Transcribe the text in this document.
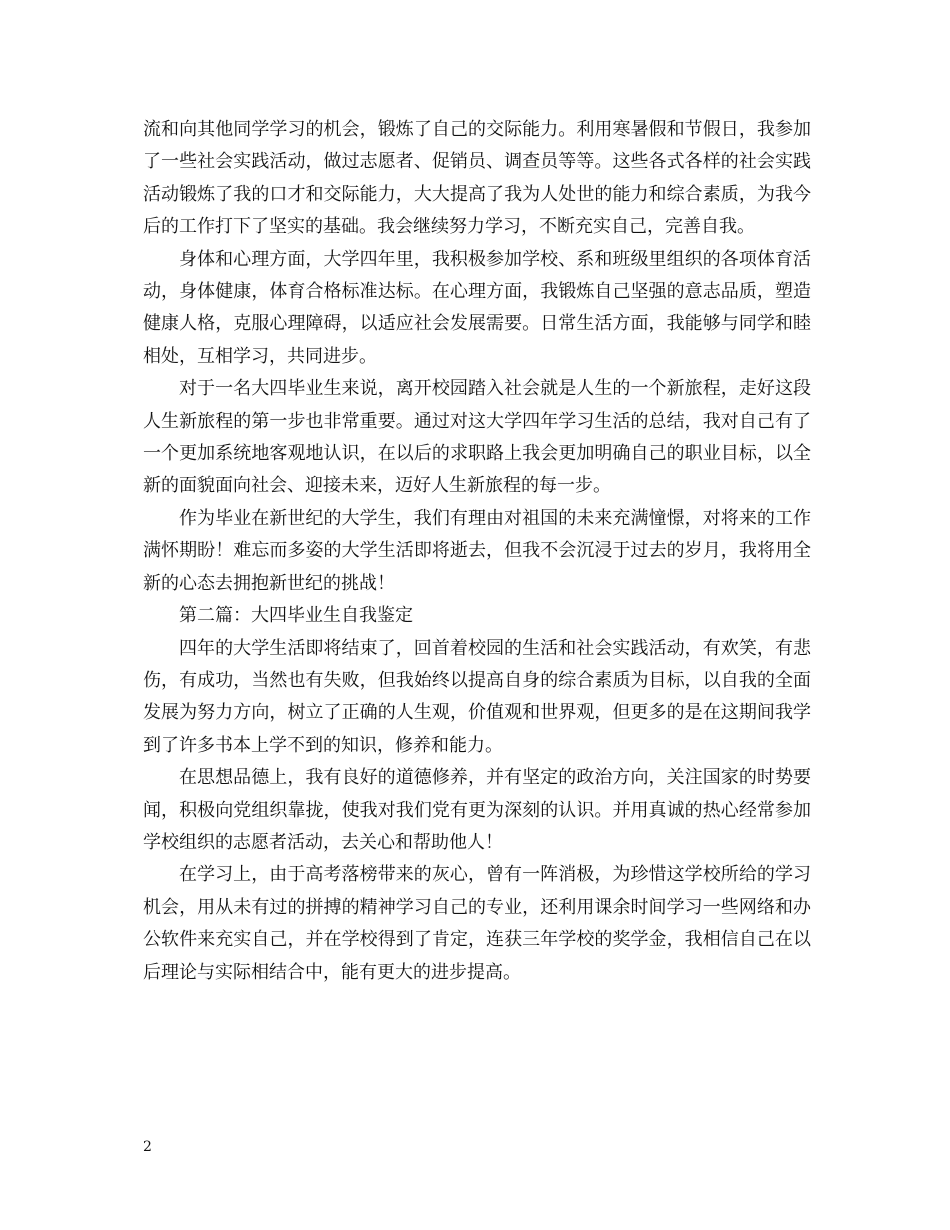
流和向其他同学学习的机会，锻炼了自己的交际能力。利用寒暑假和节假日，我参加了一些社会实践活动，做过志愿者、促销员、调查员等等。这些各式各样的社会实践活动锻炼了我的口才和交际能力，大大提高了我为人处世的能力和综合素质，为我今后的工作打下了坚实的基础。我会继续努力学习，不断充实自己，完善自我。

身体和心理方面，大学四年里，我积极参加学校、系和班级里组织的各项体育活动，身体健康，体育合格标准达标。在心理方面，我锻炼自己坚强的意志品质，塑造健康人格，克服心理障碍，以适应社会发展需要。日常生活方面，我能够与同学和睦相处，互相学习，共同进步。

对于一名大四毕业生来说，离开校园踏入社会就是人生的一个新旅程，走好这段人生新旅程的第一步也非常重要。通过对这大学四年学习生活的总结，我对自己有了一个更加系统地客观地认识，在以后的求职路上我会更加明确自己的职业目标，以全新的面貌面向社会、迎接未来，迈好人生新旅程的每一步。

作为毕业在新世纪的大学生，我们有理由对祖国的未来充满憧憬，对将来的工作满怀期盼！难忘而多姿的大学生活即将逝去，但我不会沉浸于过去的岁月，我将用全新的心态去拥抱新世纪的挑战！

第二篇：大四毕业生自我鉴定

四年的大学生活即将结束了，回首着校园的生活和社会实践活动，有欢笑，有悲伤，有成功，当然也有失败，但我始终以提高自身的综合素质为目标，以自我的全面发展为努力方向，树立了正确的人生观，价值观和世界观，但更多的是在这期间我学到了许多书本上学不到的知识，修养和能力。

在思想品德上，我有良好的道德修养，并有坚定的政治方向，关注国家的时势要闻，积极向党组织靠拢，使我对我们党有更为深刻的认识。并用真诚的热心经常参加学校组织的志愿者活动，去关心和帮助他人！

在学习上，由于高考落榜带来的灰心，曾有一阵消极，为珍惜这学校所给的学习机会，用从未有过的拼搏的精神学习自己的专业，还利用课余时间学习一些网络和办公软件来充实自己，并在学校得到了肯定，连获三年学校的奖学金，我相信自己在以后理论与实际相结合中，能有更大的进步提高。

2
